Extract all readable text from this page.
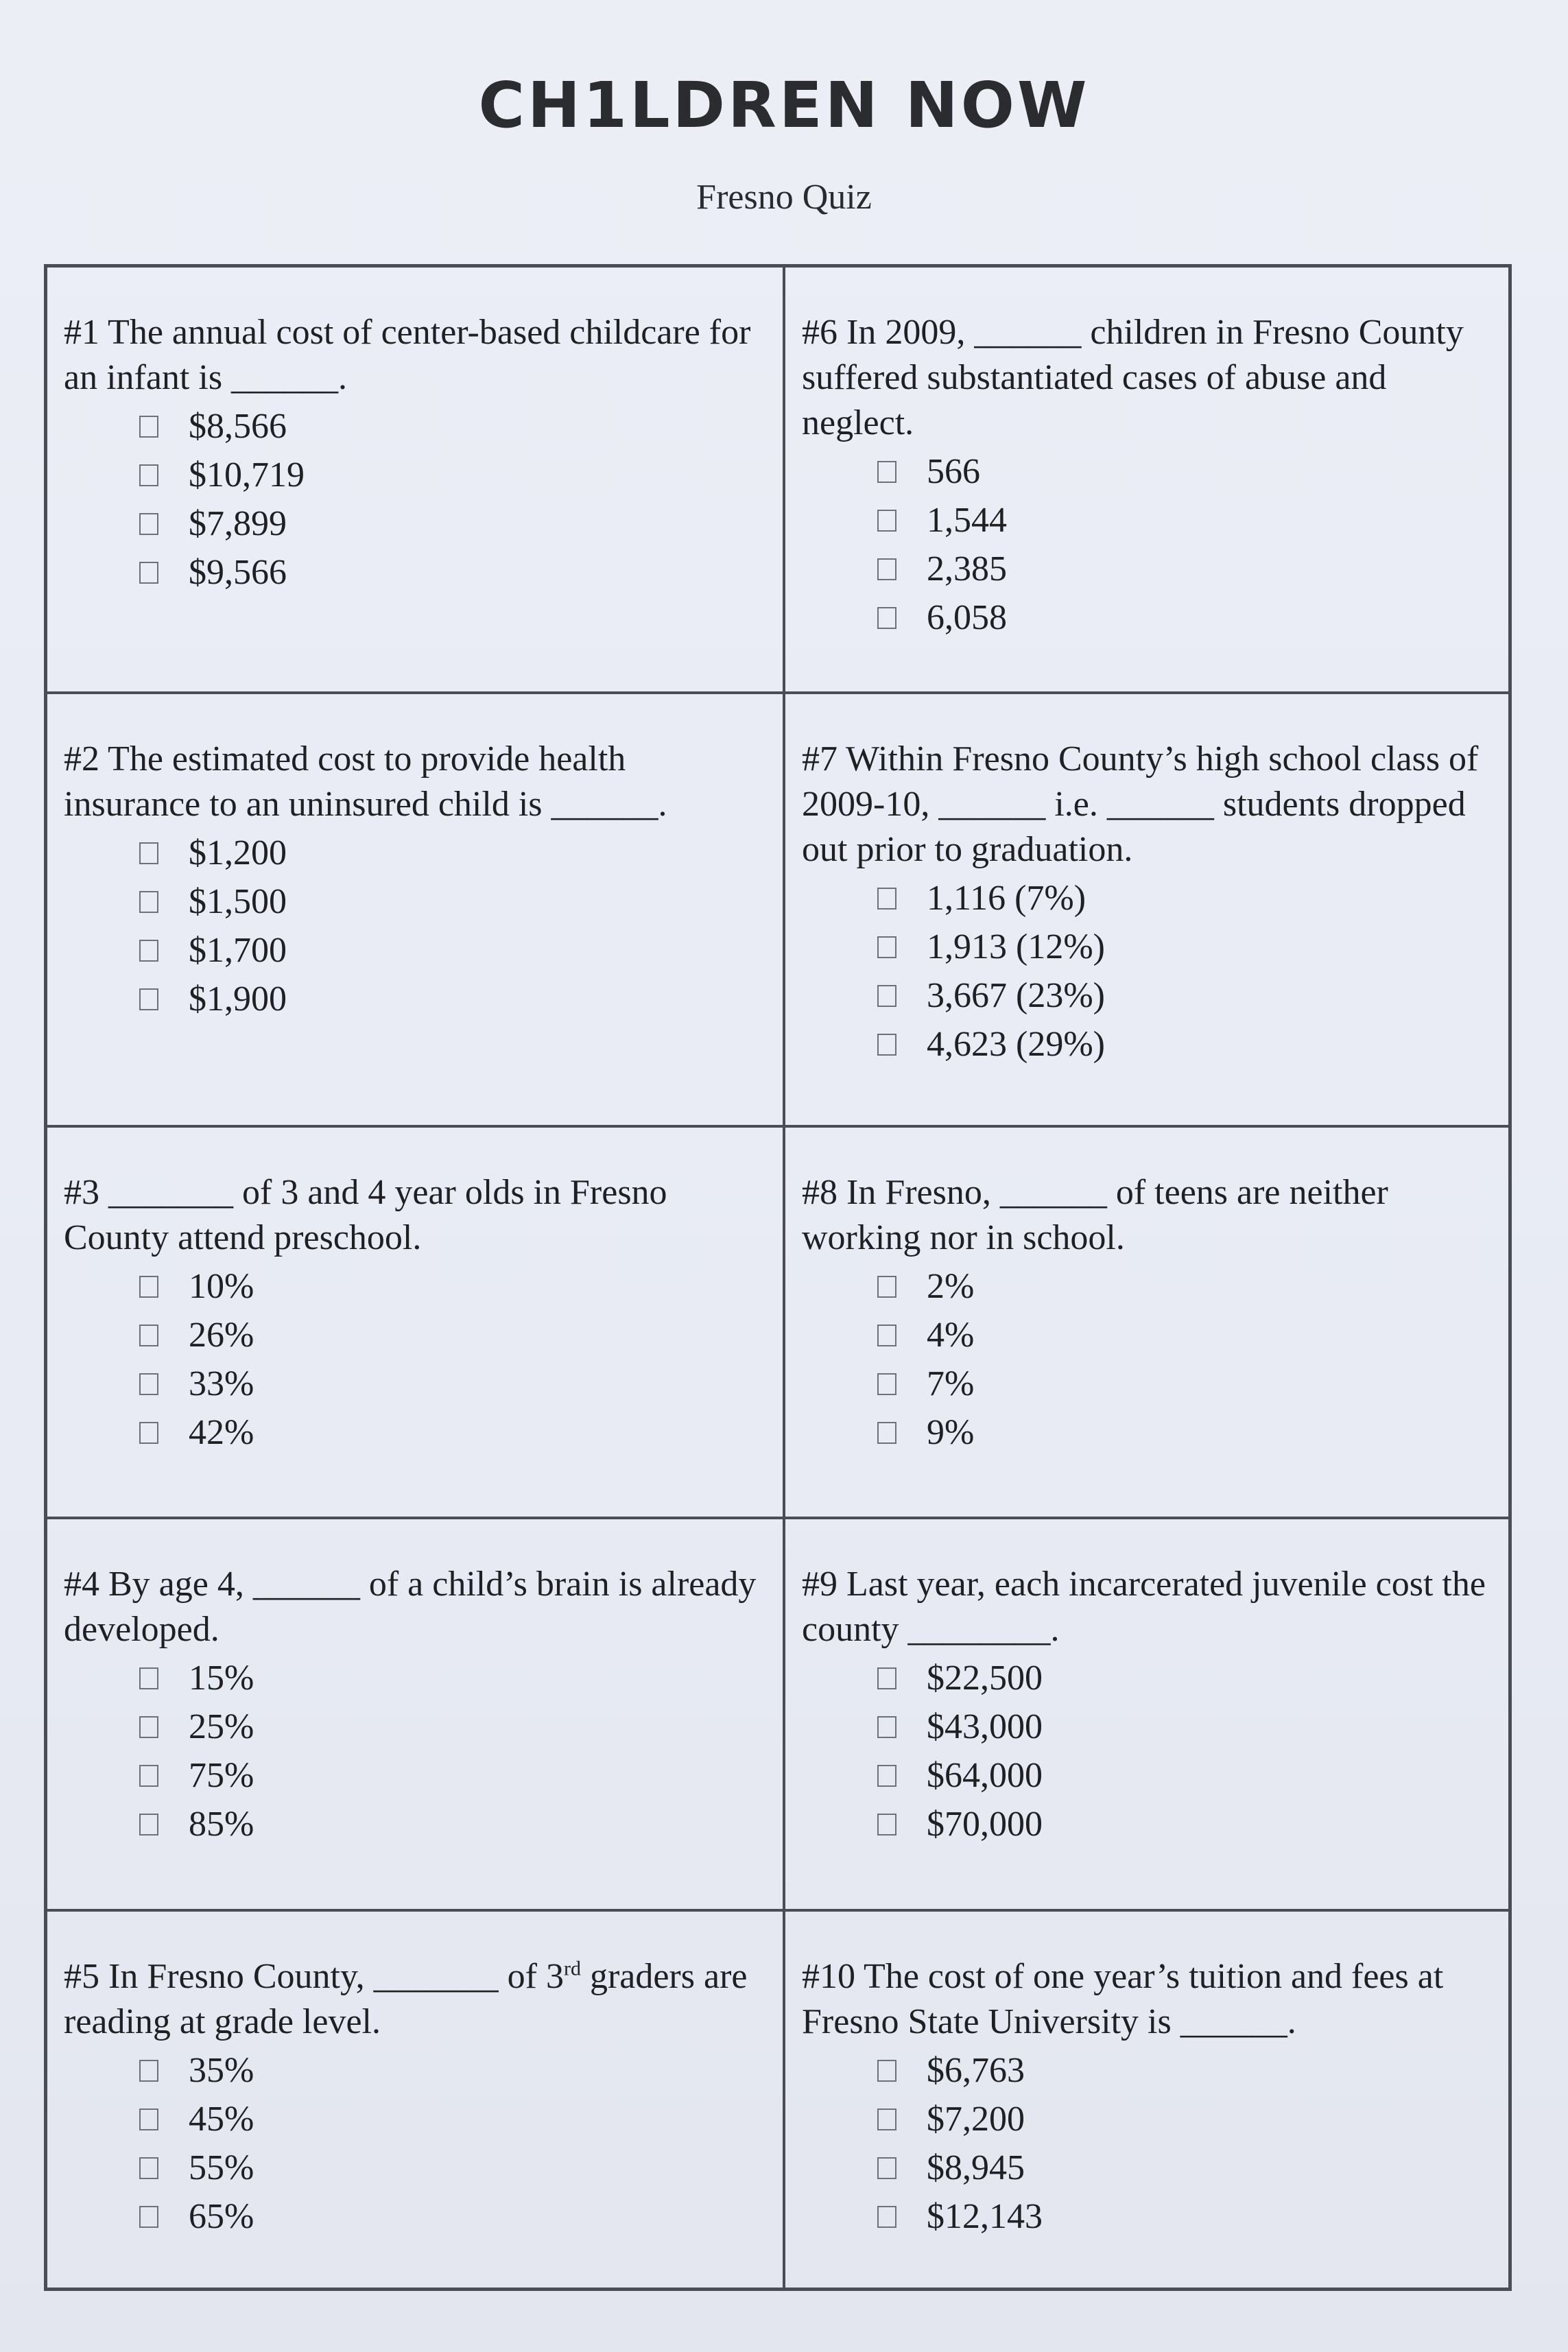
CH1LDREN NOW
Fresno Quiz

#1 The annual cost of center-based childcare for an infant is ______.

$8,566
$10,719
$7,899
$9,566

#6 In 2009, ______ children in Fresno County suffered substantiated cases of abuse and neglect.

566
1,544
2,385
6,058

#2 The estimated cost to provide health insurance to an uninsured child is ______.

$1,200
$1,500
$1,700
$1,900

#7 Within Fresno County’s high school class of 2009-10, ______ i.e. ______ students dropped out prior to graduation.

1,116 (7%)
1,913 (12%)
3,667 (23%)
4,623 (29%)

#3 _______ of 3 and 4 year olds in Fresno County attend preschool.

10%
26%
33%
42%

#8 In Fresno, ______ of teens are neither working nor in school.

2%
4%
7%
9%

#4 By age 4, ______ of a child’s brain is already developed.

15%
25%
75%
85%

#9 Last year, each incarcerated juvenile cost the county ________.

$22,500
$43,000
$64,000
$70,000

#5 In Fresno County, _______ of 3rd graders are reading at grade level.

35%
45%
55%
65%

#10 The cost of one year’s tuition and fees at Fresno State University is ______.

$6,763
$7,200
$8,945
$12,143
